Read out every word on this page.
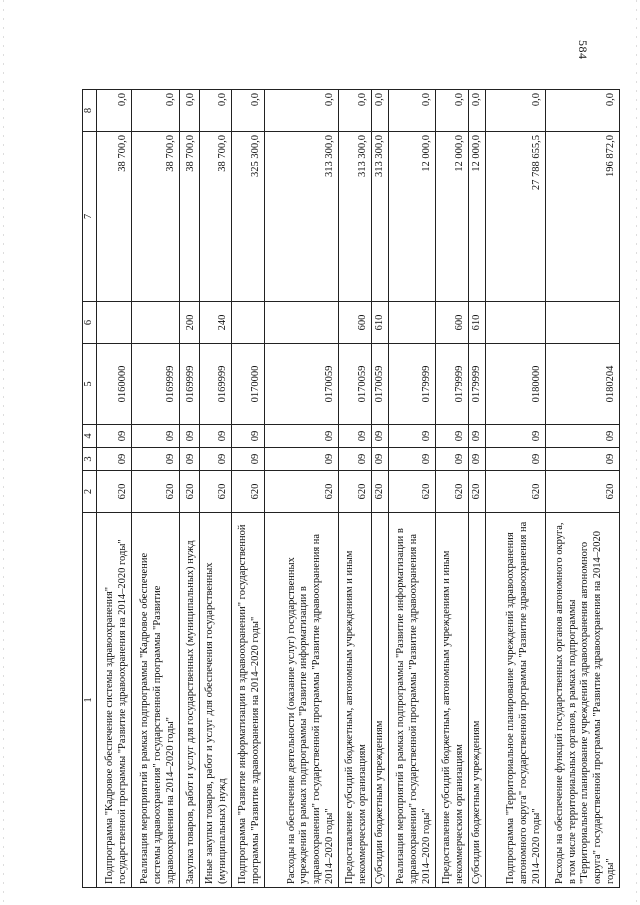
584
1	2	3	4	5	6	7	8
Подпрограмма "Кадровое обеспечение системы здравоохранения" государственной программы "Развитие здравоохранения на 2014–2020 годы"	620	09	09	0160000		38 700,0	0,0
Реализация мероприятий в рамках подпрограммы "Кадровое обеспечение системы здравоохранения" государственной программы "Развитие здравоохранения на 2014–2020 годы"	620	09	09	0169999		38 700,0	0,0
Закупка товаров, работ и услуг для государственных (муниципальных) нужд	620	09	09	0169999	200	38 700,0	0,0
Иные закупки товаров, работ и услуг для обеспечения государственных (муниципальных) нужд	620	09	09	0169999	240	38 700,0	0,0
Подпрограмма "Развитие информатизации в здравоохранении" государственной программы "Развитие здравоохранения на 2014–2020 годы"	620	09	09	0170000		325 300,0	0,0
Расходы на обеспечение деятельности (оказание услуг) государственных учреждений в рамках подпрограммы "Развитие информатизации в здравоохранении" государственной программы "Развитие здравоохранения на 2014–2020 годы"	620	09	09	0170059		313 300,0	0,0
Предоставление субсидий бюджетным, автономным учреждениям и иным некоммерческим организациям	620	09	09	0170059	600	313 300,0	0,0
Субсидии бюджетным учреждениям	620	09	09	0170059	610	313 300,0	0,0
Реализация мероприятий в рамках подпрограммы "Развитие информатизации в здравоохранении" государственной программы "Развитие здравоохранения на 2014–2020 годы"	620	09	09	0179999		12 000,0	0,0
Предоставление субсидий бюджетным, автономным учреждениям и иным некоммерческим организациям	620	09	09	0179999	600	12 000,0	0,0
Субсидии бюджетным учреждениям	620	09	09	0179999	610	12 000,0	0,0
Подпрограмма "Территориальное планирование учреждений здравоохранения автономного округа" государственной программы "Развитие здравоохранения на 2014–2020 годы"	620	09	09	0180000		27 788 655,5	0,0
Расходы на обеспечение функций государственных органов автономного округа, в том числе территориальных органов, в рамках подпрограммы "Территориальное планирование учреждений здравоохранения автономного округа" государственной программы "Развитие здравоохранения на 2014–2020 годы"	620	09	09	0180204		196 872,0	0,0
